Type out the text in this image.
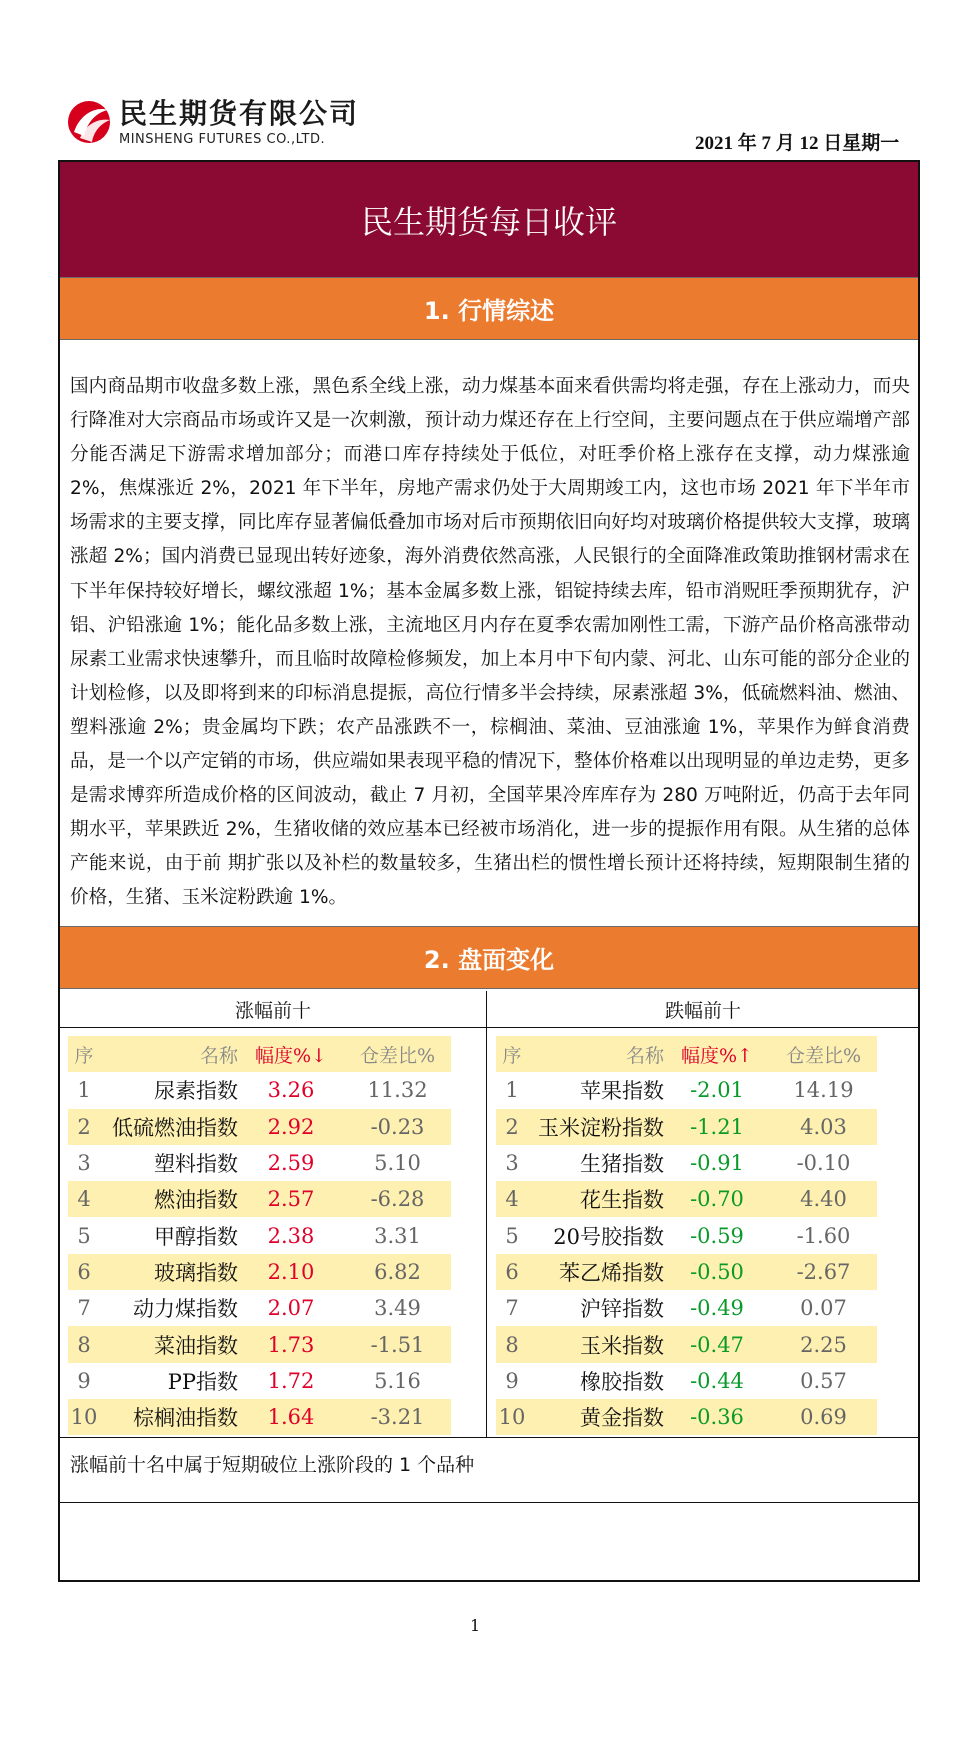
民生期货有限公司
MINSHENG FUTURES CO.,LTD.	2021 年 7 月 12 日星期一
民生期货每日收评
1. 行情综述
国内商品期市收盘多数上涨，黑色系全线上涨，动力煤基本面来看供需均将走强，存在上涨动力，而央行降准对大宗商品市场或许又是一次刺激，预计动力煤还存在上行空间，主要问题点在于供应端增产部分能否满足下游需求增加部分；而港口库存持续处于低位，对旺季价格上涨存在支撑，动力煤涨逾 2%，焦煤涨近 2%，2021 年下半年，房地产需求仍处于大周期竣工内，这也市场 2021 年下半年市场需求的主要支撑，同比库存显著偏低叠加市场对后市预期依旧向好均对玻璃价格提供较大支撑，玻璃涨超 2%；国内消费已显现出转好迹象，海外消费依然高涨，人民银行的全面降准政策助推钢材需求在下半年保持较好增长，螺纹涨超 1%；基本金属多数上涨，铝锭持续去库，铅市消贶旺季预期犹存，沪铝、沪铅涨逾 1%；能化品多数上涨，主流地区月内存在夏季农需加刚性工需，下游产品价格高涨带动尿素工业需求快速攀升，而且临时故障检修频发，加上本月中下旬内蒙、河北、山东可能的部分企业的计划检修，以及即将到来的印标消息提振，高位行情多半会持续，尿素涨超 3%，低硫燃料油、燃油、塑料涨逾 2%；贵金属均下跌；农产品涨跌不一，棕榈油、菜油、豆油涨逾 1%，苹果作为鲜食消费品，是一个以产定销的市场，供应端如果表现平稳的情况下，整体价格难以出现明显的单边走势，更多是需求博弈所造成价格的区间波动，截止 7 月初，全国苹果冷库库存为 280 万吨附近，仍高于去年同期水平，苹果跌近 2%，生猪收储的效应基本已经被市场消化，进一步的提振作用有限。从生猪的总体产能来说，由于前 期扩张以及补栏的数量较多，生猪出栏的惯性增长预计还将持续，短期限制生猪的价格，生猪、玉米淀粉跌逾 1%。
2. 盘面变化
涨幅前十	跌幅前十
序	名称	幅度%↓	仓差比%
1	尿素指数	3.26	11.32
2	低硫燃油指数	2.92	-0.23
3	塑料指数	2.59	5.10
4	燃油指数	2.57	-6.28
5	甲醇指数	2.38	3.31
6	玻璃指数	2.10	6.82
7	动力煤指数	2.07	3.49
8	菜油指数	1.73	-1.51
9	PP指数	1.72	5.16
10	棕榈油指数	1.64	-3.21
序	名称	幅度%↑	仓差比%
1	苹果指数	-2.01	14.19
2	玉米淀粉指数	-1.21	4.03
3	生猪指数	-0.91	-0.10
4	花生指数	-0.70	4.40
5	20号胶指数	-0.59	-1.60
6	苯乙烯指数	-0.50	-2.67
7	沪锌指数	-0.49	0.07
8	玉米指数	-0.47	2.25
9	橡胶指数	-0.44	0.57
10	黄金指数	-0.36	0.69
涨幅前十名中属于短期破位上涨阶段的 1 个品种
1
